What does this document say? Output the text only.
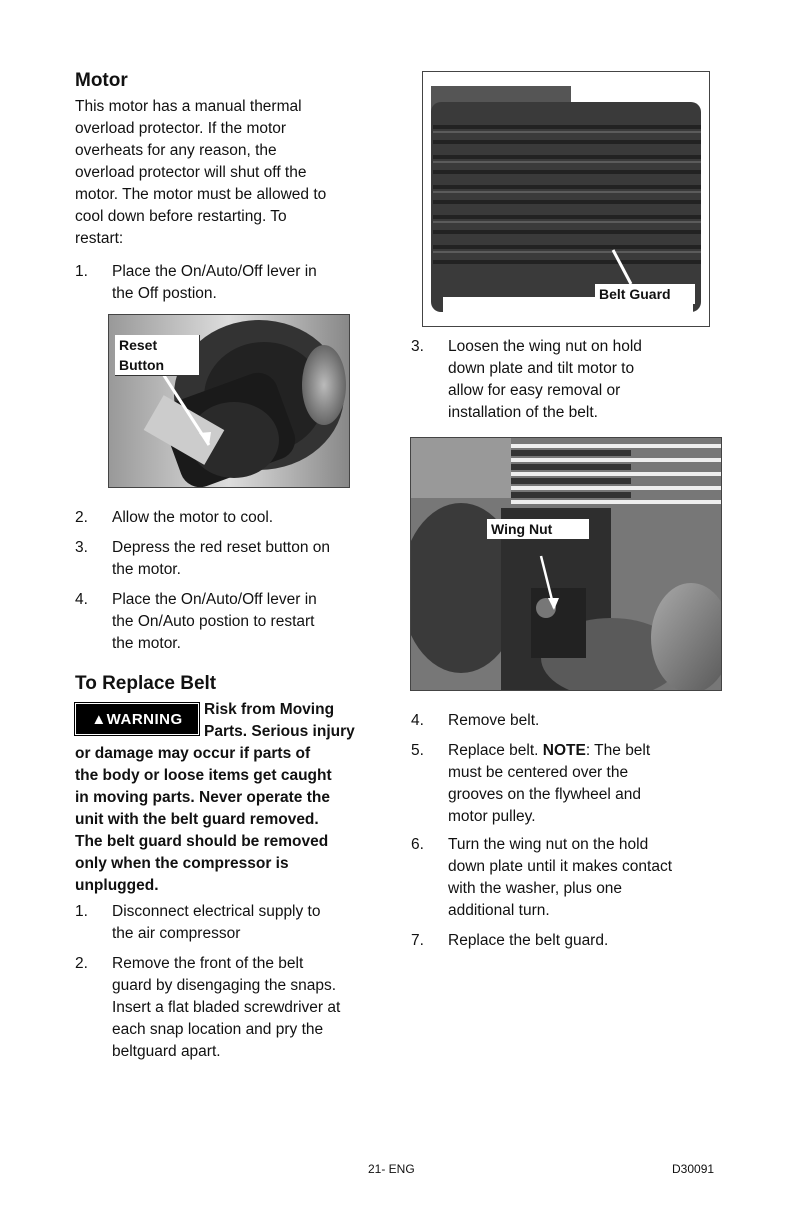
Motor
This motor has a manual thermal
overload protector. If the motor
overheats for any reason, the
overload protector will shut off the
motor. The motor must be allowed to
cool down before restarting. To
restart:
1. Place the On/Auto/Off lever in
the Off postion.
Reset
Button
2. Allow the motor to cool.
3. Depress the red reset button on
the motor.
4. Place the On/Auto/Off lever in
the On/Auto postion to restart
the motor.
To Replace Belt
▲WARNING
Risk from Moving
Parts. Serious injury
or damage may occur if parts of
the body or loose items get caught
in moving parts. Never operate the
unit with the belt guard removed.
The belt guard should be removed
only when the compressor is
unplugged.
1. Disconnect electrical supply to
the air compressor
2. Remove the front of the belt
guard by disengaging the snaps.
Insert a flat bladed screwdriver at
each snap location and pry the
beltguard apart.
Belt Guard
3. Loosen the wing nut on hold
down plate and tilt motor to
allow for easy removal or
installation of the belt.
Wing Nut
4. Remove belt.
5. Replace belt. NOTE: The belt
must be centered over the
grooves on the flywheel and
motor pulley.
6. Turn the wing nut on the hold
down plate until it makes contact
with the washer, plus one
additional turn.
7. Replace the belt guard.
21- ENG	D30091
